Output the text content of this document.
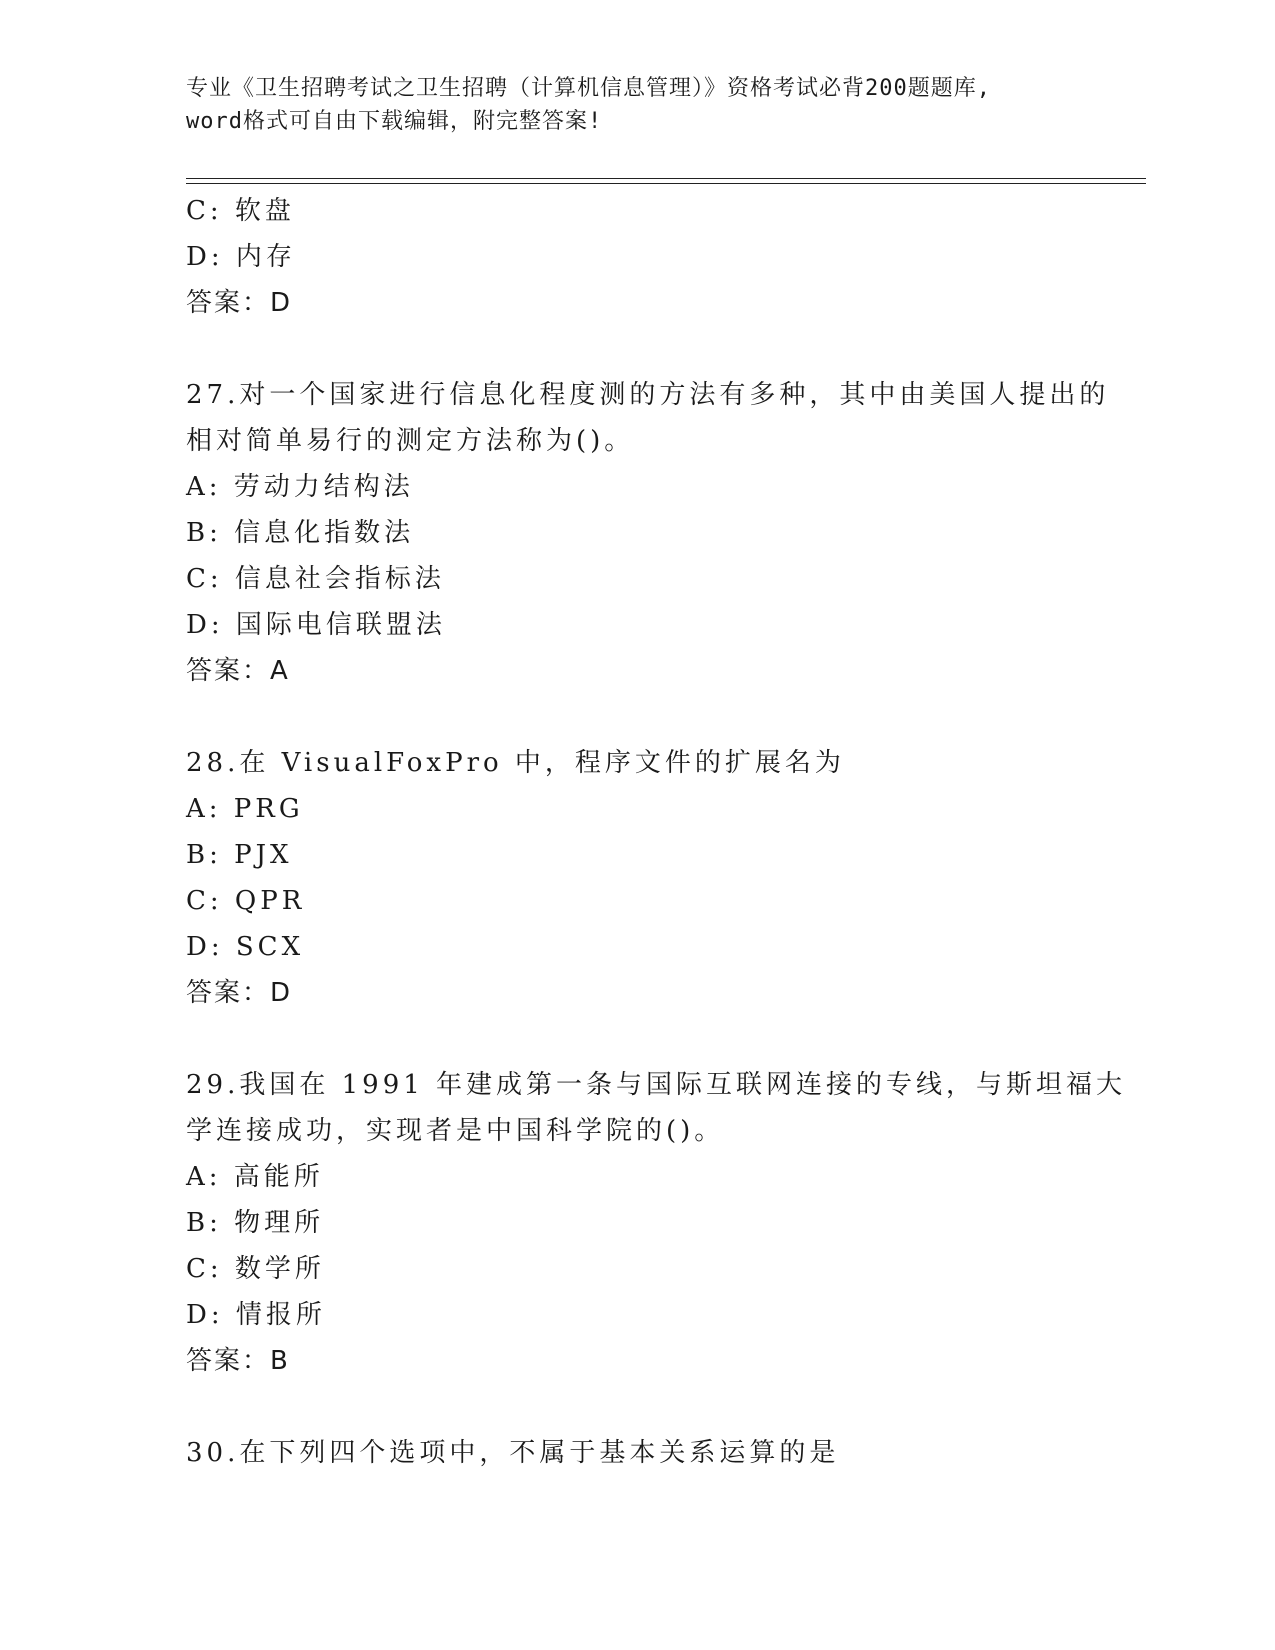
专业《卫生招聘考试之卫生招聘（计算机信息管理）》资格考试必背200题题库,
word格式可自由下载编辑，附完整答案!
C: 软盘
D: 内存
答案：D
27.对一个国家进行信息化程度测的方法有多种，其中由美国人提出的
相对简单易行的测定方法称为()。
A: 劳动力结构法
B: 信息化指数法
C: 信息社会指标法
D: 国际电信联盟法
答案：A
28.在 VisualFoxPro 中，程序文件的扩展名为
A: PRG
B: PJX
C: QPR
D: SCX
答案：D
29.我国在 1991 年建成第一条与国际互联网连接的专线，与斯坦福大
学连接成功，实现者是中国科学院的()。
A: 高能所
B: 物理所
C: 数学所
D: 情报所
答案：B
30.在下列四个选项中，不属于基本关系运算的是
